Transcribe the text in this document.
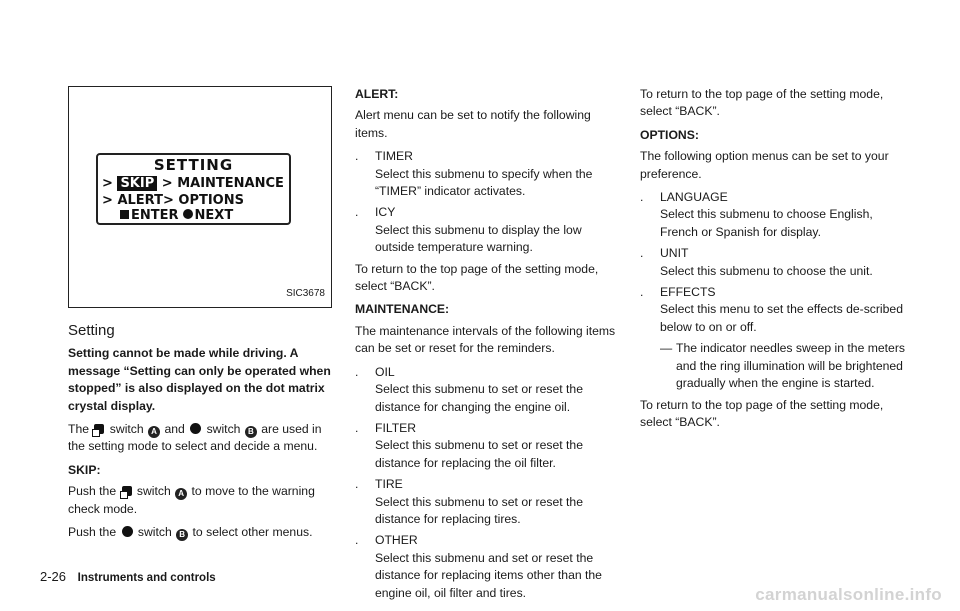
SETTING
> SKIP > MAINTENANCE
> ALERT> OPTIONS
ENTER NEXT
SIC3678
Setting

Setting cannot be made while driving. A message “Setting can only be operated when stopped” is also displayed on the dot matrix crystal display.

The switch A and switch B are used in the setting mode to select and decide a menu.

SKIP:

Push the switch A to move to the warning check mode.

Push the switch B to select other menus.

ALERT:

Alert menu can be set to notify the following items.

. TIMER

Select this submenu to specify when the “TIMER” indicator activates.

. ICY

Select this submenu to display the low outside temperature warning.

To return to the top page of the setting mode, select “BACK”.

MAINTENANCE:

The maintenance intervals of the following items can be set or reset for the reminders.

. OIL

Select this submenu to set or reset the distance for changing the engine oil.

. FILTER

Select this submenu to set or reset the distance for replacing the oil filter.

. TIRE

Select this submenu to set or reset the distance for replacing tires.

. OTHER

Select this submenu and set or reset the distance for replacing items other than the engine oil, oil filter and tires.

To return to the top page of the setting mode, select “BACK”.

OPTIONS:

The following option menus can be set to your preference.

. LANGUAGE

Select this submenu to choose English, French or Spanish for display.

. UNIT

Select this submenu to choose the unit.

. EFFECTS

Select this menu to set the effects de-scribed below to on or off.

— The indicator needles sweep in the meters and the ring illumination will be brightened gradually when the engine is started.

To return to the top page of the setting mode, select “BACK”.

2-26 Instruments and controls
carmanualsonline.info
